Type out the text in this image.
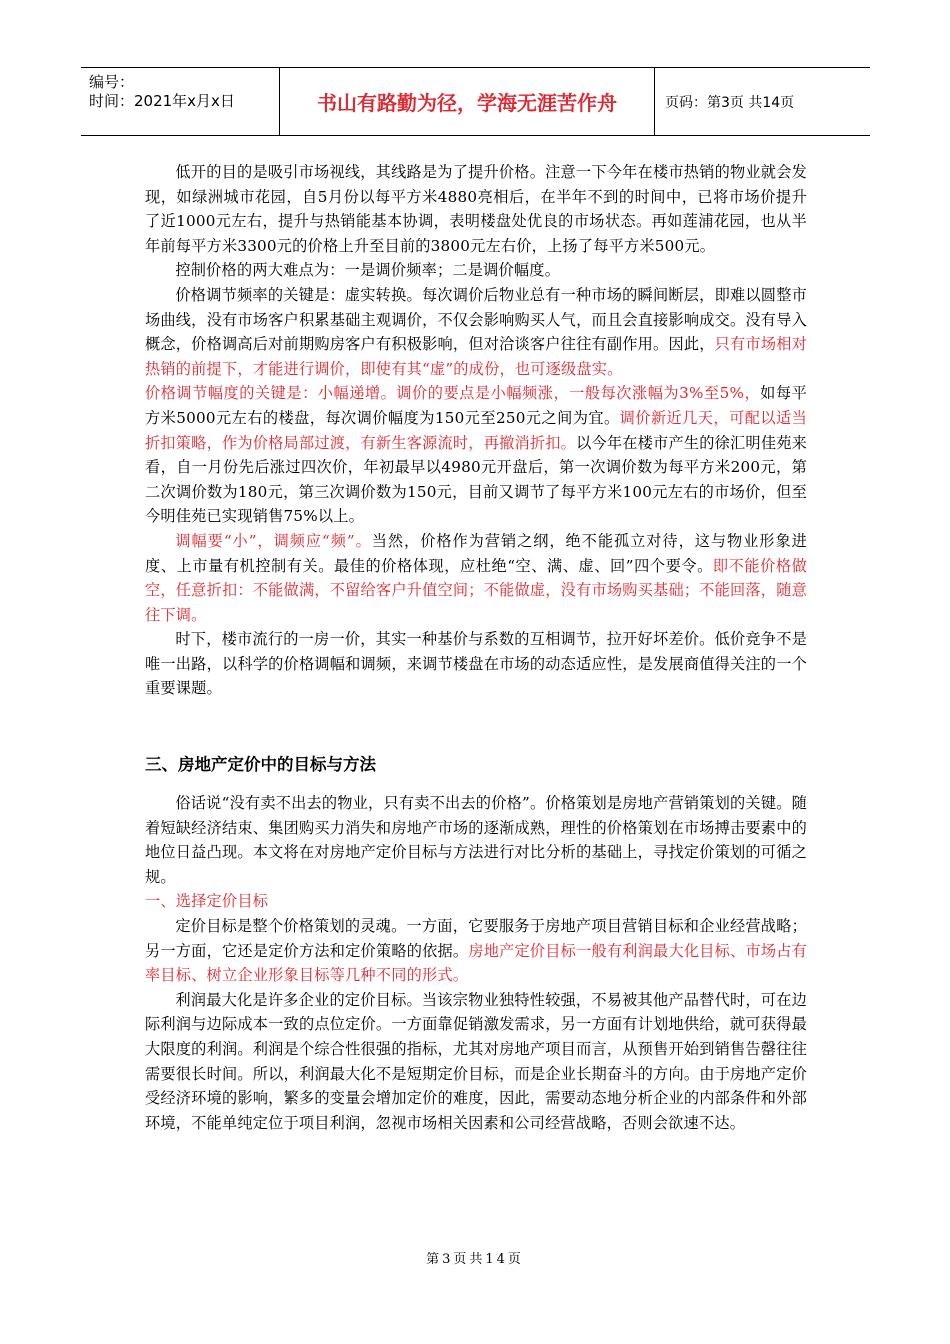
编号：
时间：2021年x月x日	书山有路勤为径，学海无涯苦作舟	页码：第3页 共14页

低开的目的是吸引市场视线，其线路是为了提升价格。注意一下今年在楼市热销的物业就会发现，如绿洲城市花园，自5月份以每平方米4880亮相后，在半年不到的时间中，已将市场价提升了近1000元左右，提升与热销能基本协调，表明楼盘处优良的市场状态。再如莲浦花园，也从半年前每平方米3300元的价格上升至目前的3800元左右价，上扬了每平方米500元。

控制价格的两大难点为：一是调价频率；二是调价幅度。

价格调节频率的关键是：虚实转换。每次调价后物业总有一种市场的瞬间断层，即难以圆整市场曲线，没有市场客户积累基础主观调价，不仅会影响购买人气，而且会直接影响成交。没有导入概念，价格调高后对前期购房客户有积极影响，但对洽谈客户往往有副作用。因此，只有市场相对热销的前提下，才能进行调价，即使有其“虚”的成份，也可逐级盘实。

价格调节幅度的关键是：小幅递增。调价的要点是小幅频涨，一般每次涨幅为3%至5%，如每平方米5000元左右的楼盘，每次调价幅度为150元至250元之间为宜。调价新近几天，可配以适当折扣策略，作为价格局部过渡，有新生客源流时，再撤消折扣。以今年在楼市产生的徐汇明佳苑来看，自一月份先后涨过四次价，年初最早以4980元开盘后，第一次调价数为每平方米200元，第二次调价数为180元，第三次调价数为150元，目前又调节了每平方米100元左右的市场价，但至今明佳苑已实现销售75%以上。

调幅要“小”，调频应“频”。当然，价格作为营销之纲，绝不能孤立对待，这与物业形象进度、上市量有机控制有关。最佳的价格体现，应杜绝“空、满、虚、回”四个要令。即不能价格做空，任意折扣：不能做满，不留给客户升值空间；不能做虚，没有市场购买基础；不能回落，随意往下调。

时下，楼市流行的一房一价，其实一种基价与系数的互相调节，拉开好坏差价。低价竞争不是唯一出路，以科学的价格调幅和调频，来调节楼盘在市场的动态适应性，是发展商值得关注的一个重要课题。

三、房地产定价中的目标与方法

俗话说“没有卖不出去的物业，只有卖不出去的价格”。价格策划是房地产营销策划的关键。随着短缺经济结束、集团购买力消失和房地产市场的逐渐成熟，理性的价格策划在市场搏击要素中的地位日益凸现。本文将在对房地产定价目标与方法进行对比分析的基础上，寻找定价策划的可循之规。

一、选择定价目标

定价目标是整个价格策划的灵魂。一方面，它要服务于房地产项目营销目标和企业经营战略；另一方面，它还是定价方法和定价策略的依据。房地产定价目标一般有利润最大化目标、市场占有率目标、树立企业形象目标等几种不同的形式。

利润最大化是许多企业的定价目标。当该宗物业独特性较强，不易被其他产品替代时，可在边际利润与边际成本一致的点位定价。一方面靠促销激发需求，另一方面有计划地供给，就可获得最大限度的利润。利润是个综合性很强的指标，尤其对房地产项目而言，从预售开始到销售告罄往往需要很长时间。所以，利润最大化不是短期定价目标，而是企业长期奋斗的方向。由于房地产定价受经济环境的影响，繁多的变量会增加定价的难度，因此，需要动态地分析企业的内部条件和外部环境，不能单纯定位于项目利润，忽视市场相关因素和公司经营战略，否则会欲速不达。

第3页共14页
